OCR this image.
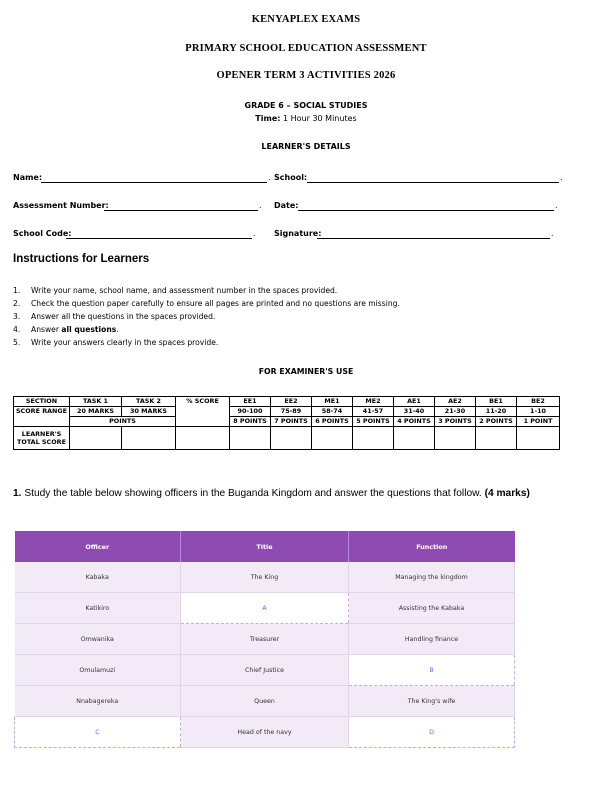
KENYAPLEX EXAMS
PRIMARY SCHOOL EDUCATION ASSESSMENT
OPENER TERM 3 ACTIVITIES 2026
GRADE 6 – SOCIAL STUDIES
Time: 1 Hour 30 Minutes
LEARNER'S DETAILS
Name:	. School:	.
Assessment Number:	. Date:	.
School Code:	. Signature:	.
Instructions for Learners
1. Write your name, school name, and assessment number in the spaces provided.
2. Check the question paper carefully to ensure all pages are printed and no questions are missing.
3. Answer all the questions in the spaces provided.
4. Answer all questions.
5. Write your answers clearly in the spaces provide.
FOR EXAMINER'S USE
SECTION	TASK 1	TASK 2	% SCORE	EE1	EE2	ME1	ME2	AE1	AE2	BE1	BE2
SCORE RANGE	20 MARKS	30 MARKS		90-100	75-89	58-74	41-57	31-40	21-30	11-20	1-10
	POINTS			8 POINTS	7 POINTS	6 POINTS	5 POINTS	4 POINTS	3 POINTS	2 POINTS	1 POINT
LEARNER'S TOTAL SCORE											
1. Study the table below showing officers in the Buganda Kingdom and answer the questions that follow. (4 marks)
Officer	Title	Function
Kabaka	The King	Managing the kingdom
Katikiro	A	Assisting the Kabaka
Omwanika	Treasurer	Handling finance
Omulamuzi	Chief Justice	B
Nnabagereka	Queen	The King's wife
C	Head of the navy	D
